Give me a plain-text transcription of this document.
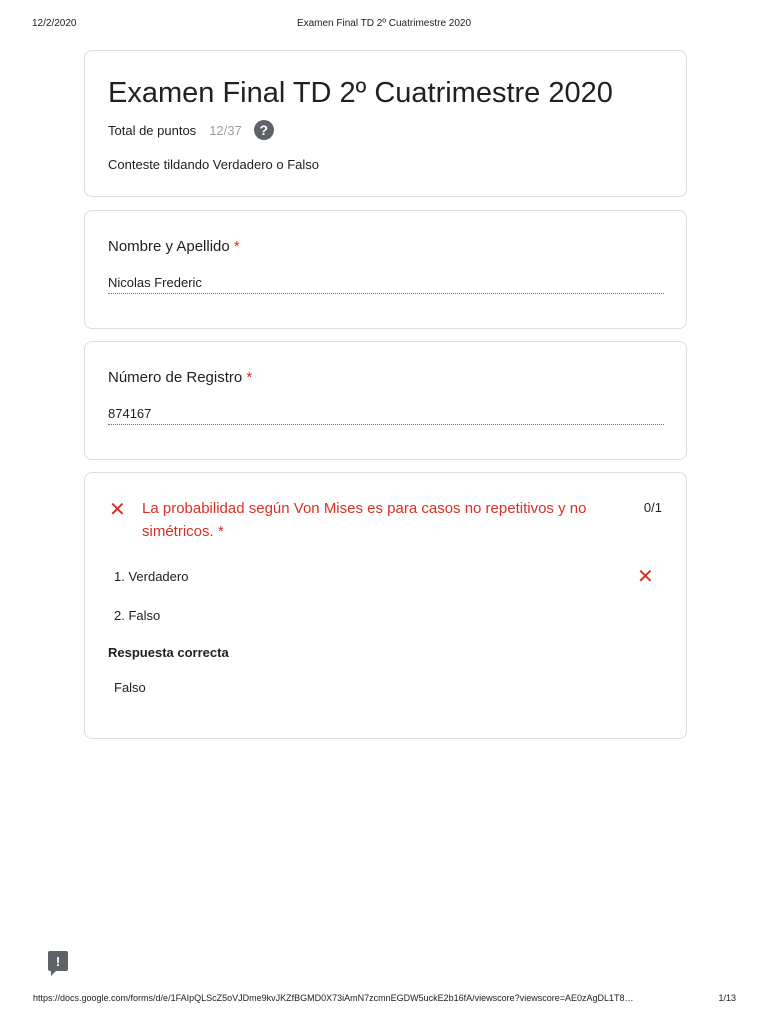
12/2/2020	Examen Final TD 2º Cuatrimestre 2020
Examen Final TD 2º Cuatrimestre 2020
Total de puntos 12/37	?
Conteste tildando Verdadero o Falso
Nombre y Apellido *
Nicolas Frederic
Número de Registro *
874167
✕ La probabilidad según Von Mises es para casos no repetitivos y no simétricos. *
0/1
1. Verdadero	✕
2. Falso
Respuesta correcta
Falso
!
https://docs.google.com/forms/d/e/1FAIpQLScZ5oVJDme9kvJKZfBGMD0X73iAmN7zcmnEGDW5uckE2b16fA/viewscore?viewscore=AE0zAgDL1T8…	1/13
